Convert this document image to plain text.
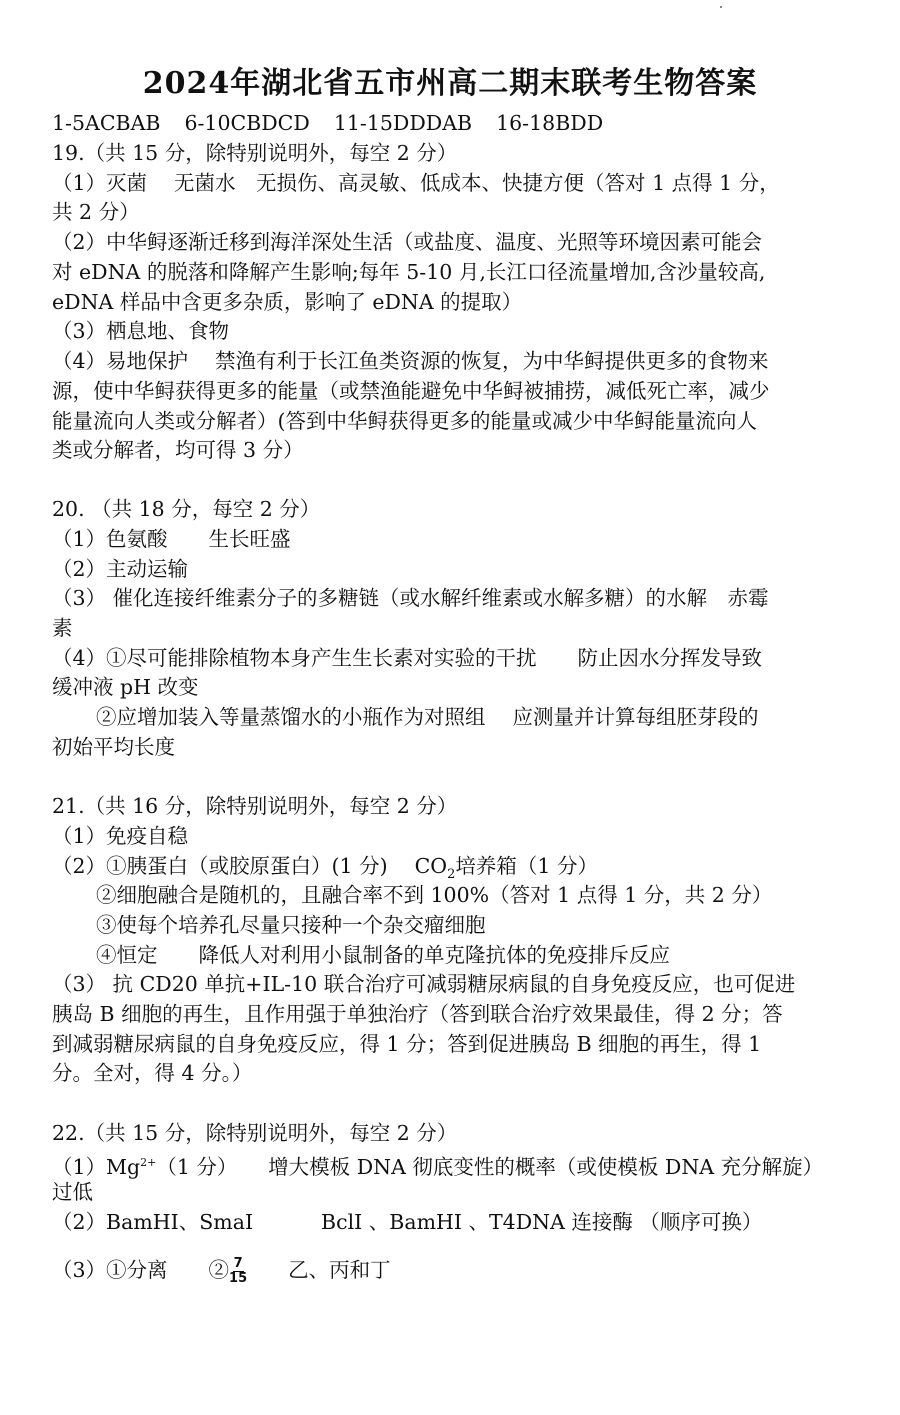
2024年湖北省五市州高二期末联考生物答案
1-5ACBAB 6-10CBDCD 11-15DDDAB 16-18BDD
19.（共 15 分，除特别说明外，每空 2 分）
（1）灭菌　 无菌水　无损伤、高灵敏、低成本、快捷方便（答对 1 点得 1 分，
共 2 分）
（2）中华鲟逐渐迁移到海洋深处生活（或盐度、温度、光照等环境因素可能会
对 eDNA 的脱落和降解产生影响;每年 5-10 月,长江口径流量增加,含沙量较高,
eDNA 样品中含更多杂质，影响了 eDNA 的提取）
（3）栖息地、食物
（4）易地保护　 禁渔有利于长江鱼类资源的恢复，为中华鲟提供更多的食物来
源，使中华鲟获得更多的能量（或禁渔能避免中华鲟被捕捞，减低死亡率，减少
能量流向人类或分解者）(答到中华鲟获得更多的能量或减少中华鲟能量流向人
类或分解者，均可得 3 分）
20. （共 18 分，每空 2 分）
（1）色氨酸　　生长旺盛
（2）主动运输
（3） 催化连接纤维素分子的多糖链（或水解纤维素或水解多糖）的水解　赤霉
素
（4）①尽可能排除植物本身产生生长素对实验的干扰　　防止因水分挥发导致
缓冲液 pH 改变
②应增加装入等量蒸馏水的小瓶作为对照组　 应测量并计算每组胚芽段的
初始平均长度
21.（共 16 分，除特别说明外，每空 2 分）
（1）免疫自稳
（2）①胰蛋白（或胶原蛋白）(1 分)　 $CO_2$培养箱（1 分）
②细胞融合是随机的，且融合率不到 100%（答对 1 点得 1 分，共 2 分）
③使每个培养孔尽量只接种一个杂交瘤细胞
④恒定　　降低人对利用小鼠制备的单克隆抗体的免疫排斥反应
（3） 抗 CD20 单抗+IL-10 联合治疗可减弱糖尿病鼠的自身免疫反应，也可促进
胰岛 B 细胞的再生，且作用强于单独治疗（答到联合治疗效果最佳，得 2 分；答
到减弱糖尿病鼠的自身免疫反应，得 1 分；答到促进胰岛 B 细胞的再生，得 1
分。全对，得 4 分。）
22.（共 15 分，除特别说明外，每空 2 分）
$(1)Mg^{2+}(1$ 分）　　增大模板 DNA 彻底变性的概率（或使模板 DNA 充分解旋）
过低
（2）BamHI、SmaI　　　 BclI 、BamHI 、T4DNA 连接酶 （顺序可换）
（3）①分离　　② $\frac{7}{15}$ 　　乙、丙和丁
